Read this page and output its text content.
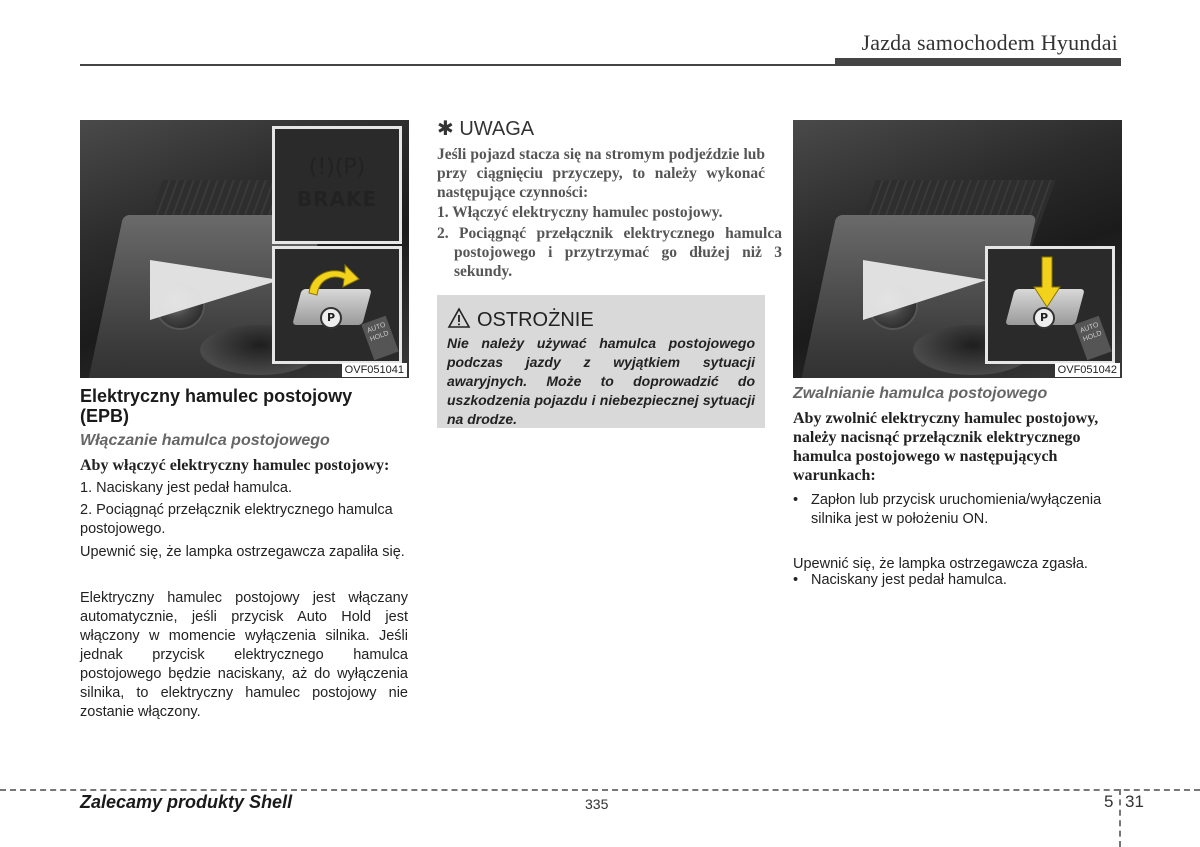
Jazda samochodem Hyundai
(!)(P)
BRAKE
P
AUTO HOLD
OVF051041
Elektryczny hamulec postojowy (EPB)
Włączanie hamulca postojowego
Aby włączyć elektryczny hamulec postojowy:
1. Naciskany jest pedał hamulca.
2. Pociągnąć przełącznik elektrycznego hamulca postojowego.
Upewnić się, że lampka ostrzegawcza zapaliła się.
Elektryczny hamulec postojowy jest włączany automatycznie, jeśli przycisk Auto Hold jest włączony w momencie wyłączenia silnika. Jeśli jednak przycisk elektrycznego hamulca postojowego będzie naciskany, aż do wyłączenia silnika, to elektryczny hamulec postojowy nie zostanie włączony.
✱ UWAGA
Jeśli pojazd stacza się na stromym podjeździe lub przy ciągnięciu przyczepy, to należy wykonać następujące czynności:
1. Włączyć elektryczny hamulec postojowy.
2. Pociągnąć przełącznik elektrycznego hamulca postojowego i przytrzymać go dłużej niż 3 sekundy.
OSTROŻNIE
Nie należy używać hamulca postojowego podczas jazdy z wyjątkiem sytuacji awaryjnych. Może to doprowadzić do uszkodzenia pojazdu i niebezpiecznej sytuacji na drodze.
P
AUTO HOLD
OVF051042
Zwalnianie hamulca postojowego
Aby zwolnić elektryczny hamulec postojowy, należy nacisnąć przełącznik elektrycznego hamulca postojowego w następujących warunkach:
• Zapłon lub przycisk uruchomienia/wyłączenia silnika jest w położeniu ON.
• Naciskany jest pedał hamulca.
Upewnić się, że lampka ostrzegawcza zgasła.
Zalecamy produkty Shell	335	5 31
